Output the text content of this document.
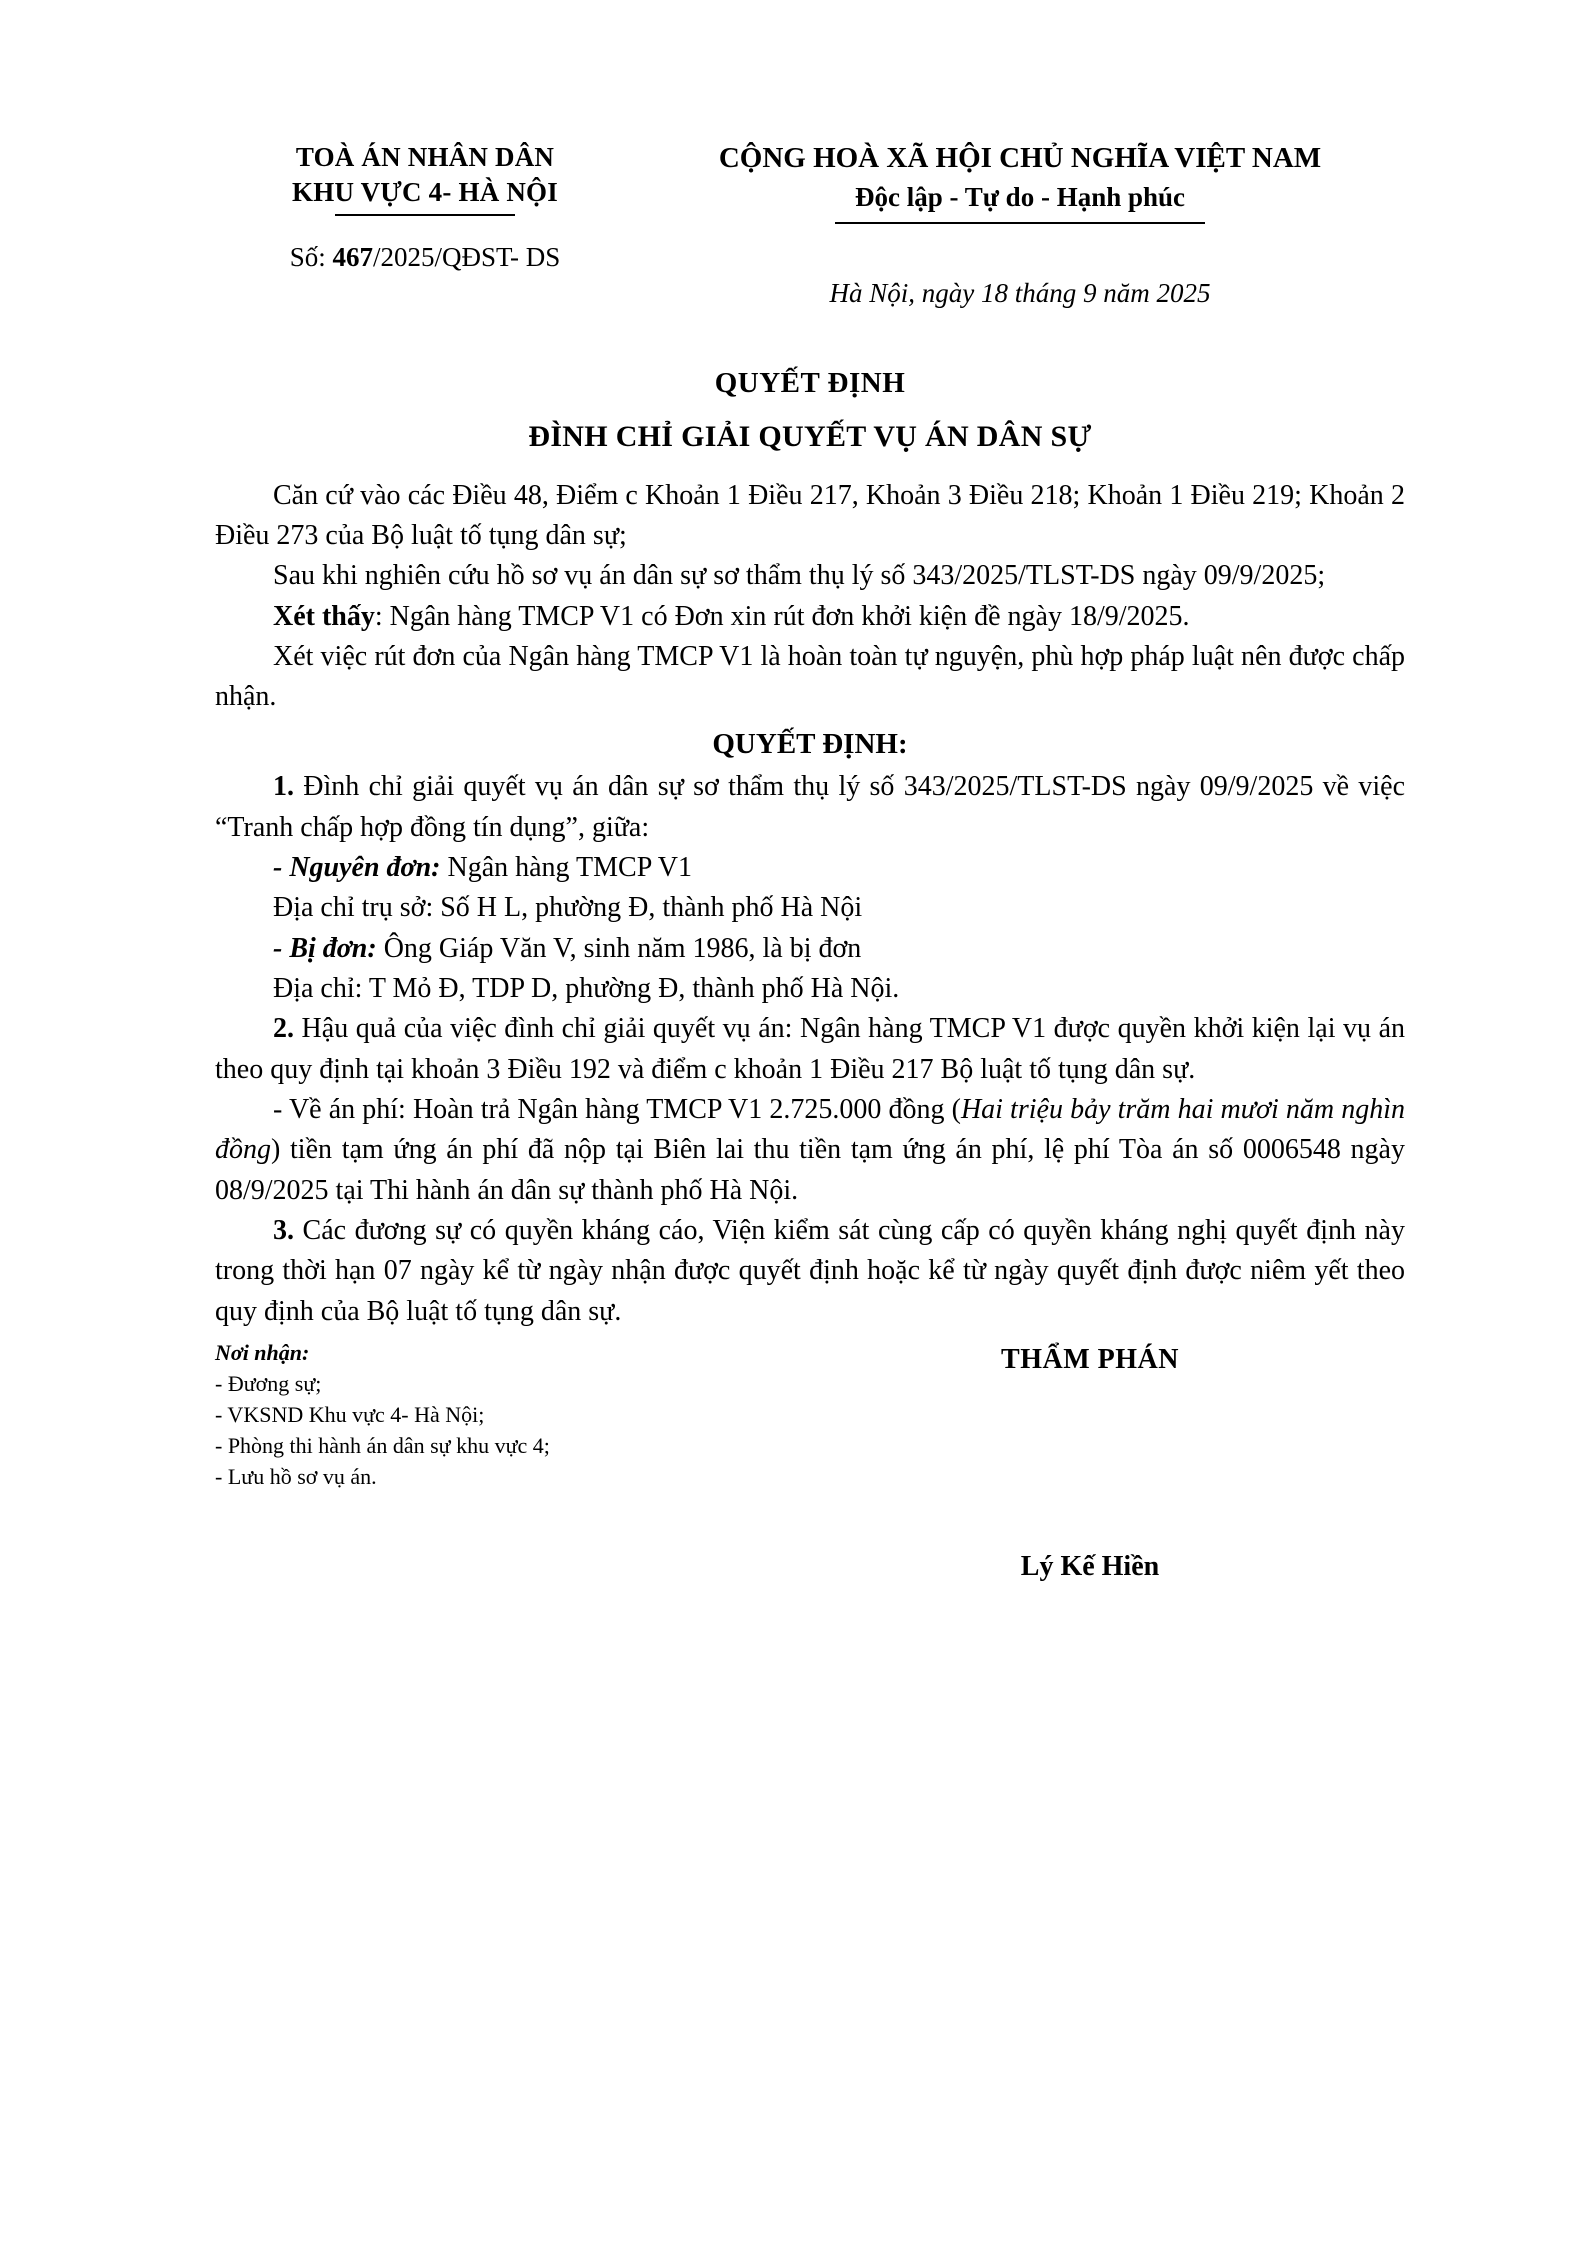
TOÀ ÁN NHÂN DÂN
KHU VỰC 4- HÀ NỘI
CỘNG HOÀ XÃ HỘI CHỦ NGHĨA VIỆT NAM
Độc lập - Tự do - Hạnh phúc
Số: 467/2025/QĐST- DS
Hà Nội, ngày 18 tháng 9 năm 2025
QUYẾT ĐỊNH
ĐÌNH CHỈ GIẢI QUYẾT VỤ ÁN DÂN SỰ

Căn cứ vào các Điều 48, Điểm c Khoản 1 Điều 217, Khoản 3 Điều 218; Khoản 1 Điều 219; Khoản 2 Điều 273 của Bộ luật tố tụng dân sự;

Sau khi nghiên cứu hồ sơ vụ án dân sự sơ thẩm thụ lý số 343/2025/TLST-DS ngày 09/9/2025;

Xét thấy: Ngân hàng TMCP V1 có Đơn xin rút đơn khởi kiện đề ngày 18/9/2025.

Xét việc rút đơn của Ngân hàng TMCP V1 là hoàn toàn tự nguyện, phù hợp pháp luật nên được chấp nhận.

QUYẾT ĐỊNH:

1. Đình chỉ giải quyết vụ án dân sự sơ thẩm thụ lý số 343/2025/TLST-DS ngày 09/9/2025 về việc “Tranh chấp hợp đồng tín dụng”, giữa:

- Nguyên đơn: Ngân hàng TMCP V1

Địa chỉ trụ sở: Số H L, phường Đ, thành phố Hà Nội

- Bị đơn: Ông Giáp Văn V, sinh năm 1986, là bị đơn

Địa chỉ: T Mỏ Đ, TDP D, phường Đ, thành phố Hà Nội.

2. Hậu quả của việc đình chỉ giải quyết vụ án: Ngân hàng TMCP V1 được quyền khởi kiện lại vụ án theo quy định tại khoản 3 Điều 192 và điểm c khoản 1 Điều 217 Bộ luật tố tụng dân sự.

- Về án phí: Hoàn trả Ngân hàng TMCP V1 2.725.000 đồng (Hai triệu bảy trăm hai mươi năm nghìn đồng) tiền tạm ứng án phí đã nộp tại Biên lai thu tiền tạm ứng án phí, lệ phí Tòa án số 0006548 ngày 08/9/2025 tại Thi hành án dân sự thành phố Hà Nội.

3. Các đương sự có quyền kháng cáo, Viện kiểm sát cùng cấp có quyền kháng nghị quyết định này trong thời hạn 07 ngày kể từ ngày nhận được quyết định hoặc kể từ ngày quyết định được niêm yết theo quy định của Bộ luật tố tụng dân sự.

Nơi nhận:
- Đương sự;
- VKSND Khu vực 4- Hà Nội;
- Phòng thi hành án dân sự khu vực 4;
- Lưu hồ sơ vụ án.
THẨM PHÁN
Lý Kế Hiền
